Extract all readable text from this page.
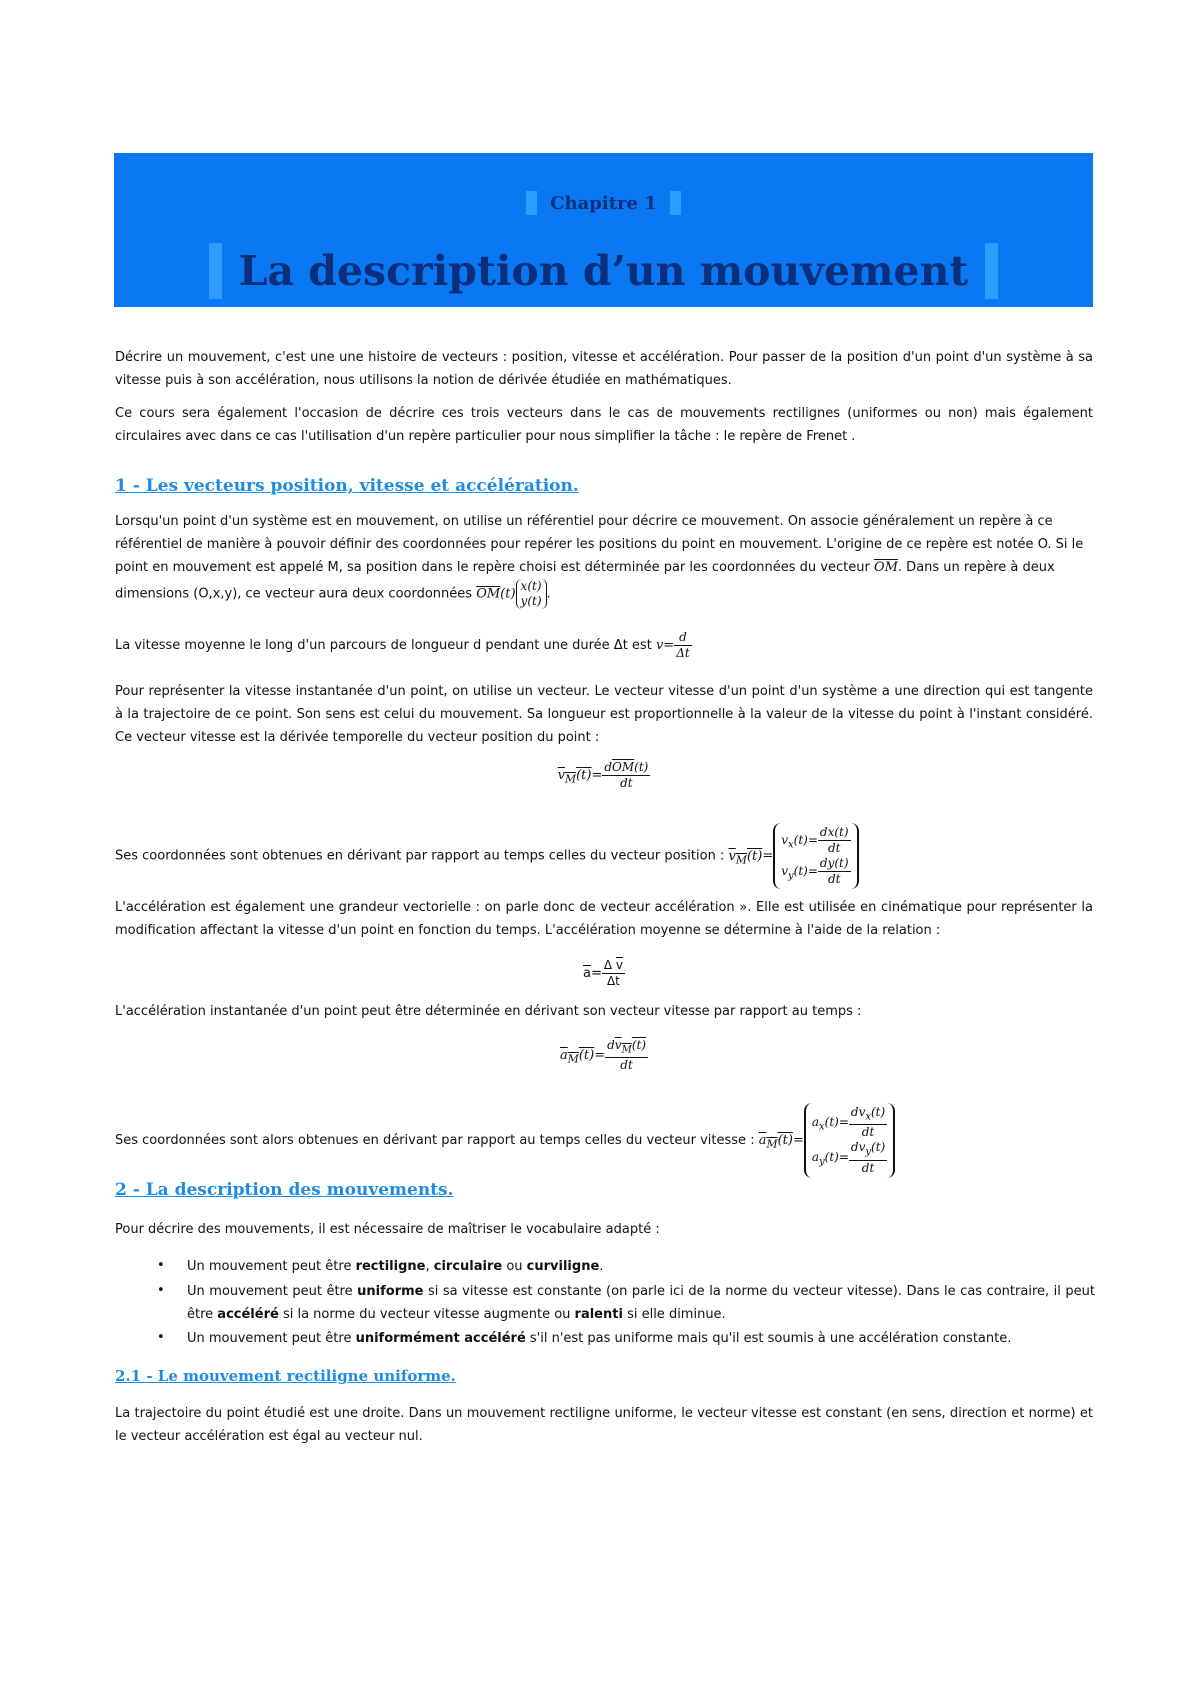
Chapitre 1
La description d’un mouvement

Décrire un mouvement, c'est une une histoire de vecteurs : position, vitesse et accélération. Pour passer de la position d'un point d'un système à sa vitesse puis à son accélération, nous utilisons la notion de dérivée étudiée en mathématiques.

Ce cours sera également l'occasion de décrire ces trois vecteurs dans le cas de mouvements rectilignes (uniformes ou non) mais également circulaires avec dans ce cas l'utilisation d'un repère particulier pour nous simplifier la tâche : le repère de Frenet .

1 - Les vecteurs position, vitesse et accélération.

Lorsqu'un point d'un système est en mouvement, on utilise un référentiel pour décrire ce mouvement. On associe généralement un repère à ce référentiel de manière à pouvoir définir des coordonnées pour repérer les positions du point en mouvement. L'origine de ce repère est notée O. Si le point en mouvement est appelé M, sa position dans le repère choisi est déterminée par les coordonnées du vecteur $\overline{OM}$. Dans un repère à deux dimensions (O,x,y), ce vecteur aura deux coordonnées $\overline{OM}(t)x(t)$
y(t) .

La vitesse moyenne le long d'un parcours de longueur d pendant une durée Δt est $v= \frac{d}{\Delta t}$

Pour représenter la vitesse instantanée d'un point, on utilise un vecteur. Le vecteur vitesse d'un point d'un système a une direction qui est tangente à la trajectoire de ce point. Son sens est celui du mouvement. Sa longueur est proportionnelle à la valeur de la vitesse du point à l'instant considéré. Ce vecteur vitesse est la dérivée temporelle du vecteur position du point :

$v_M(t)=$
$d\overline{OM}(t)$
dt

Ses coordonnées sont obtenues en dérivant par rapport au temps celles du vecteur position : $v_M(t)=v_x(t)= \frac{dx(t)}{dt}$

$v_y(t)= \frac{dy(t)}{dt}$

L'accélération est également une grandeur vectorielle : on parle donc de vecteur accélération ». Elle est utilisée en cinématique pour représenter la modification affectant la vitesse d'un point en fonction du temps. L'accélération moyenne se détermine à l'aide de la relation :

$\overline{a}= \frac{\Delta \overline{v}}{\Delta t}$

L'accélération instantanée d'un point peut être déterminée en dérivant son vecteur vitesse par rapport au temps :

$a_M(t)=$
$dv_M(t)$
dt

Ses coordonnées sont alors obtenues en dérivant par rapport au temps celles du vecteur vitesse : $a_M(t)=a_x(t)=$
$dv_x(t)$
dt

$a_y(t)=$
$dv_y(t)$
dt

2 - La description des mouvements.

Pour décrire des mouvements, il est nécessaire de maîtriser le vocabulaire adapté :

• Un mouvement peut être rectiligne, circulaire ou curviligne.

• Un mouvement peut être uniforme si sa vitesse est constante (on parle ici de la norme du vecteur vitesse). Dans le cas contraire, il peut être accéléré si la norme du vecteur vitesse augmente ou ralenti si elle diminue.

• Un mouvement peut être uniformément accéléré s'il n'est pas uniforme mais qu'il est soumis à une accélération constante.

2.1 - Le mouvement rectiligne uniforme.

La trajectoire du point étudié est une droite. Dans un mouvement rectiligne uniforme, le vecteur vitesse est constant (en sens, direction et norme) et le vecteur accélération est égal au vecteur nul.
